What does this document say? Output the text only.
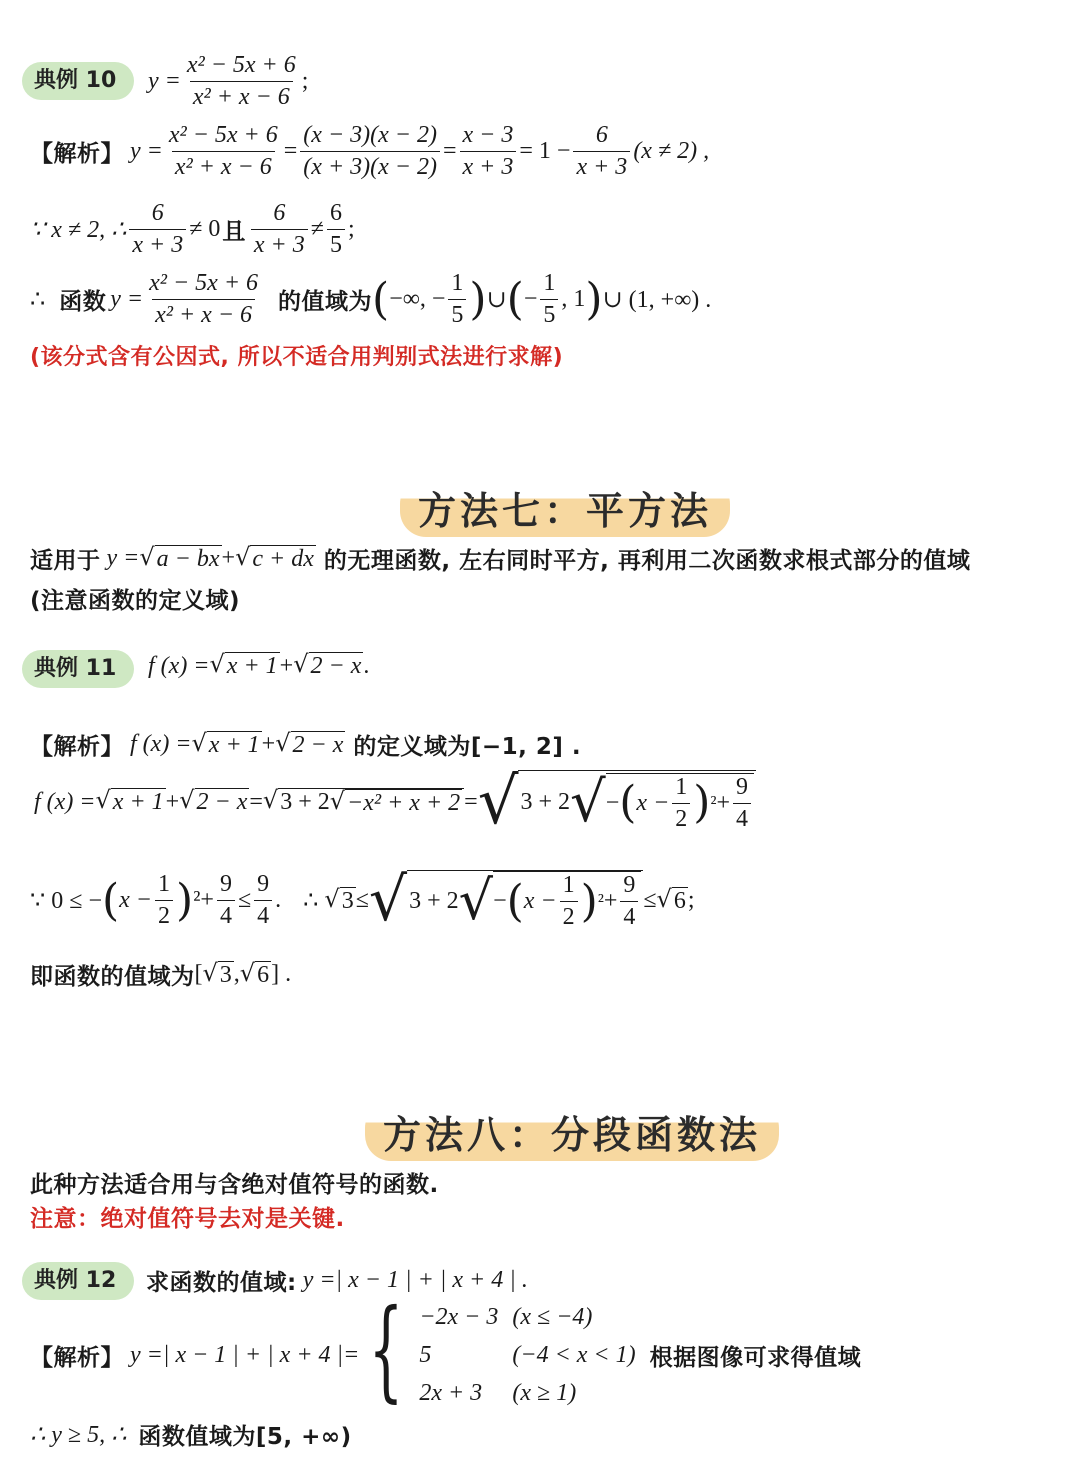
典例 10	$y = \frac{\text{x² − 5x + 6}}{\text{x² + x − 6}}$ ;
【解析】 $y = \frac{\text{x² − 5x + 6}}{\text{x² + x − 6}} = \frac{(x - 3)(x - 2)}{(x + 3)(x - 2)} = \frac{x - 3}{x + 3} = 1 - \frac{6}{x + 3} (x \ne 2)$ ,
∵ x ≠ 2, ∴ $\frac{6}{x + 3} \ne 0$ 且 $\frac{6}{x + 3} \ne \frac{6}{5}$ ;
∴ 函数 $y = \frac{\text{x² − 5x + 6}}{\text{x² + x − 6}}$ 的值域为 ( −∞, − $\frac{1}{5}$ ) ∪ ( − $\frac{1}{5}$ , 1 ) ∪ (1, +∞) .
(该分式含有公因式, 所以不适合用判别式法进行求解)
方法七：平方法
适用于 y = √ a − bx + √ c + dx 的无理函数, 左右同时平方, 再利用二次函数求根式部分的值域
(注意函数的定义域)
典例 11	f (x) = √ x + 1 + √ 2 − x .
【解析】 f (x) = √ x + 1 + √ 2 − x 的定义域为[−1, 2] .
f (x) = √ x + 1 + √ 2 − x = √ 3 + 2 √ −x² + x + 2 = √ 3 + 2 √ − ( $x - \frac{1}{2}$ ) $^2 + \frac{9}{4}$
∵ 0 ≤ − ( $x - \frac{1}{2}$ ) $^2 + \frac{9}{4} \le \frac{9}{4}$ . ∴ √ 3 ≤ √ 3 + 2 √ − ( $x - \frac{1}{2}$ ) $^2 + \frac{9}{4}$ ≤ √ 6 ;
即函数的值域为 [ √ 3 , √ 6 ] .
方法八：分段函数法
此种方法适合用与含绝对值符号的函数.
注意：绝对值符号去对是关键.
典例 12	求函数的值域: y =| x − 1 | + | x + 4 | .
【解析】 y =| x − 1 | + | x + 4 |= { −2x − 3	(x ≤ −4)	
5	(−4 < x < 1)	根据图像可求得值域
2x + 3	(x ≥ 1)	
∴ y ≥ 5, ∴ 函数值域为[5, +∞)
